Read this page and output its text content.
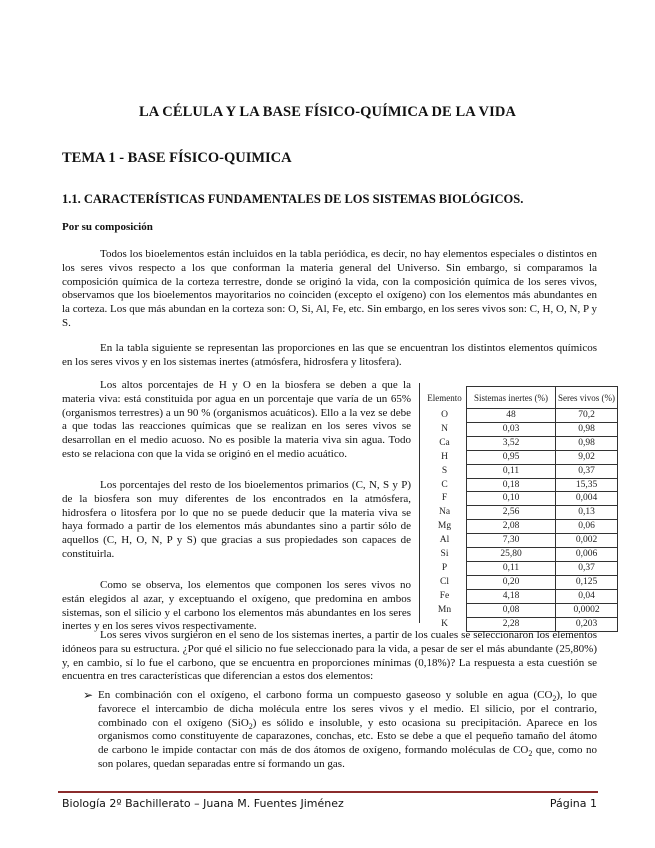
LA CÉLULA Y LA BASE FÍSICO-QUÍMICA DE LA VIDA
TEMA 1 - BASE FÍSICO-QUIMICA
1.1. CARACTERÍSTICAS FUNDAMENTALES DE LOS SISTEMAS BIOLÓGICOS.
Por su composición

Todos los bioelementos están incluidos en la tabla periódica, es decir, no hay elementos especiales o distintos en los seres vivos respecto a los que conforman la materia general del Universo. Sin embargo, si comparamos la composición química de la corteza terrestre, donde se originó la vida, con la composición química de los seres vivos, observamos que los bioelementos mayoritarios no coinciden (excepto el oxígeno) con los elementos más abundantes en la corteza. Los que más abundan en la corteza son: O, Si, Al, Fe, etc. Sin embargo, en los seres vivos son: C, H, O, N, P y S.

En la tabla siguiente se representan las proporciones en las que se encuentran los distintos elementos químicos en los seres vivos y en los sistemas inertes (atmósfera, hidrosfera y litosfera).

Los altos porcentajes de H y O en la biosfera se deben a que la materia viva: está constituida por agua en un porcentaje que varía de un 65% (organismos terrestres) a un 90 % (organismos acuáticos). Ello a la vez se debe a que todas las reacciones químicas que se realizan en los seres vivos se desarrollan en el medio acuoso. No es posible la materia viva sin agua. Todo esto se relaciona con que la vida se originó en el medio acuático.

Los porcentajes del resto de los bioelementos primarios (C, N, S y P) de la biosfera son muy diferentes de los encontrados en la atmósfera, hidrosfera o litosfera por lo que no se puede deducir que la materia viva se haya formado a partir de los elementos más abundantes sino a partir sólo de aquellos (C, H, O, N, P y S) que gracias a sus propiedades son capaces de constituirla.

Como se observa, los elementos que componen los seres vivos no están elegidos al azar, y exceptuando el oxígeno, que predomina en ambos sistemas, son el silicio y el carbono los elementos más abundantes en los seres inertes y en los seres vivos respectivamente.

Elemento	Sistemas inertes (%)	Seres vivos (%)
O	48	70,2
N	0,03	0,98
Ca	3,52	0,98
H	0,95	9,02
S	0,11	0,37
C	0,18	15,35
F	0,10	0,004
Na	2,56	0,13
Mg	2,08	0,06
Al	7,30	0,002
Si	25,80	0,006
P	0,11	0,37
Cl	0,20	0,125
Fe	4,18	0,04
Mn	0,08	0,0002
K	2,28	0,203

Los seres vivos surgieron en el seno de los sistemas inertes, a partir de los cuales se seleccionaron los elementos idóneos para su estructura. ¿Por qué el silicio no fue seleccionado para la vida, a pesar de ser el más abundante (25,80%) y, en cambio, sí lo fue el carbono, que se encuentra en proporciones mínimas (0,18%)? La respuesta a esta cuestión se encuentra en tres características que diferencian a estos dos elementos:

➢ En combinación con el oxígeno, el carbono forma un compuesto gaseoso y soluble en agua $(CO_2)$, lo que favorece el intercambio de dicha molécula entre los seres vivos y el medio. El silicio, por el contrario, combinado con el oxígeno (SiO$_2$) es sólido e insoluble, y esto ocasiona su precipitación. Aparece en los organismos como constituyente de caparazones, conchas, etc. Esto se debe a que el pequeño tamaño del átomo de carbono le impide contactar con más de dos átomos de oxígeno, formando moléculas de $CO_2$ que, como no son polares, quedan separadas entre sí formando un gas.

Biología 2º Bachillerato – Juana M. Fuentes Jiménez	Página 1
